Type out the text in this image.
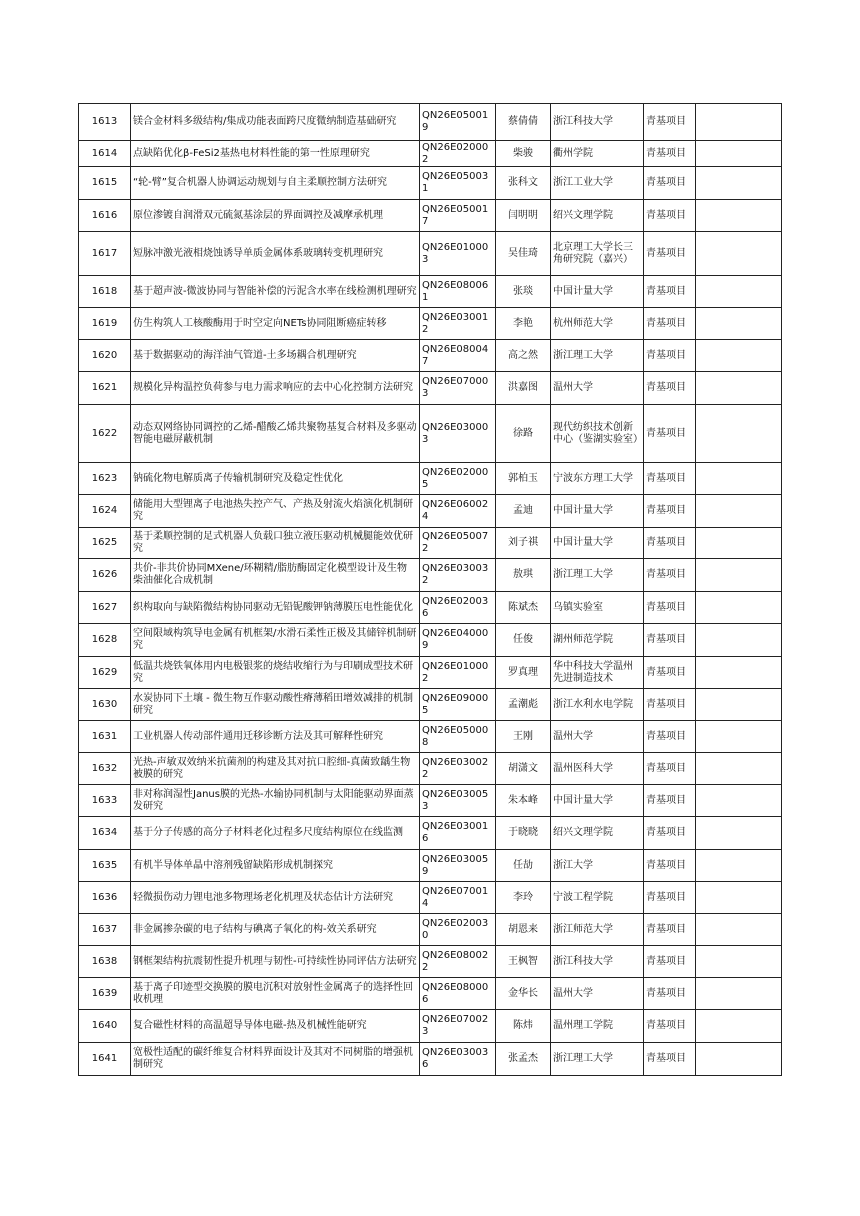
1613	镁合金材料多级结构/集成功能表面跨尺度微纳制造基础研究	QN26E050019	蔡倩倩	浙江科技大学	青基项目	
1614	点缺陷优化β-FeSi2基热电材料性能的第一性原理研究	QN26E020002	柴骏	衢州学院	青基项目	
1615	“轮-臂”复合机器人协调运动规划与自主柔顺控制方法研究	QN26E050031	张科文	浙江工业大学	青基项目	
1616	原位渗镀自润滑双元硫氮基涂层的界面调控及减摩承机理	QN26E050017	闫明明	绍兴文理学院	青基项目	
1617	短脉冲激光液相烧蚀诱导单质金属体系玻璃转变机理研究	QN26E010003	吴佳琦	北京理工大学长三角研究院（嘉兴）	青基项目	
1618	基于超声波-微波协同与智能补偿的污泥含水率在线检测机理研究	QN26E080061	张琰	中国计量大学	青基项目	
1619	仿生构筑人工核酸酶用于时空定向NETs协同阻断癌症转移	QN26E030012	李艳	杭州师范大学	青基项目	
1620	基于数据驱动的海洋油气管道-土多场耦合机理研究	QN26E080047	高之然	浙江理工大学	青基项目	
1621	规模化异构温控负荷参与电力需求响应的去中心化控制方法研究	QN26E070003	洪嘉图	温州大学	青基项目	
1622	动态双网络协同调控的乙烯-醋酸乙烯共聚物基复合材料及多驱动智能电磁屏蔽机制	QN26E030003	徐路	现代纺织技术创新中心（鉴湖实验室）	青基项目	
1623	钠硫化物电解质离子传输机制研究及稳定性优化	QN26E020005	郭柏玉	宁波东方理工大学	青基项目	
1624	储能用大型锂离子电池热失控产气、产热及射流火焰演化机制研究	QN26E060024	孟迪	中国计量大学	青基项目	
1625	基于柔顺控制的足式机器人负载口独立液压驱动机械腿能效优研究	QN26E050072	刘子祺	中国计量大学	青基项目	
1626	共价-非共价协同MXene/环糊精/脂肪酶固定化模型设计及生物柴油催化合成机制	QN26E030032	敖琪	浙江理工大学	青基项目	
1627	织构取向与缺陷微结构协同驱动无铅铌酸钾钠薄膜压电性能优化	QN26E020036	陈斌杰	乌镇实验室	青基项目	
1628	空间限域构筑导电金属有机框架/水滑石柔性正极及其储锌机制研究	QN26E040009	任俊	湖州师范学院	青基项目	
1629	低温共烧铁氧体用内电极银浆的烧结收缩行为与印刷成型技术研究	QN26E010002	罗真理	华中科技大学温州先进制造技术	青基项目	
1630	水炭协同下土壤 - 微生物互作驱动酸性瘠薄稻田增效减排的机制研究	QN26E090005	孟潮彪	浙江水利水电学院	青基项目	
1631	工业机器人传动部件通用迁移诊断方法及其可解释性研究	QN26E050008	王刚	温州大学	青基项目	
1632	光热-声敏双效纳米抗菌剂的构建及其对抗口腔细-真菌致龋生物被膜的研究	QN26E030022	胡潇文	温州医科大学	青基项目	
1633	非对称润湿性Janus膜的光热-水输协同机制与太阳能驱动界面蒸发研究	QN26E030053	朱本峰	中国计量大学	青基项目	
1634	基于分子传感的高分子材料老化过程多尺度结构原位在线监测	QN26E030016	于晓晓	绍兴文理学院	青基项目	
1635	有机半导体单晶中溶剂残留缺陷形成机制探究	QN26E030059	任劼	浙江大学	青基项目	
1636	轻微损伤动力锂电池多物理场老化机理及状态估计方法研究	QN26E070014	李玲	宁波工程学院	青基项目	
1637	非金属掺杂碳的电子结构与碘离子氧化的构-效关系研究	QN26E020030	胡恩来	浙江师范大学	青基项目	
1638	钢框架结构抗震韧性提升机理与韧性-可持续性协同评估方法研究	QN26E080022	王枫智	浙江科技大学	青基项目	
1639	基于离子印迹型交换膜的膜电沉积对放射性金属离子的选择性回收机理	QN26E080006	金华长	温州大学	青基项目	
1640	复合磁性材料的高温超导导体电磁-热及机械性能研究	QN26E070023	陈炜	温州理工学院	青基项目	
1641	宽极性适配的碳纤维复合材料界面设计及其对不同树脂的增强机制研究	QN26E030036	张孟杰	浙江理工大学	青基项目	
